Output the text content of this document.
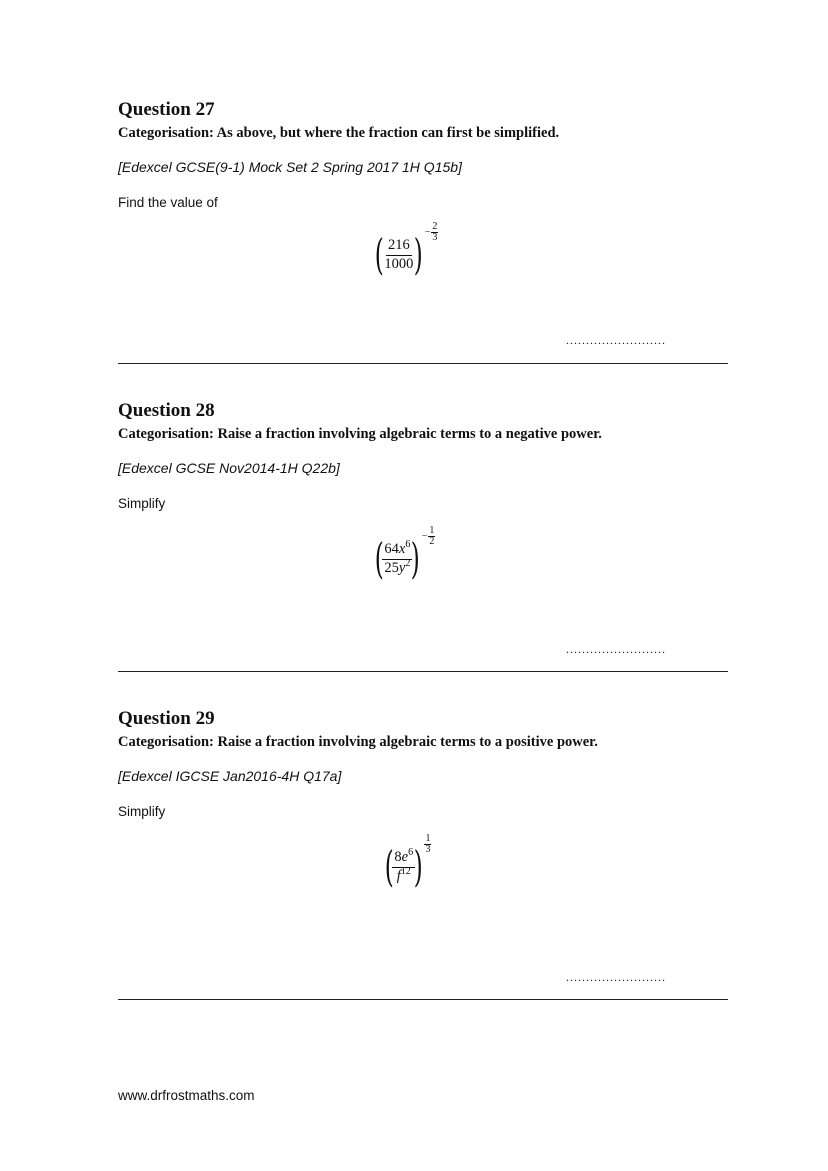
Question 27
Categorisation: As above, but where the fraction can first be simplified.
[Edexcel GCSE(9-1) Mock Set 2 Spring 2017 1H Q15b]
Find the value of
(
$\frac{216}{1000}$
) − $\frac{2}{3}$
.........................
Question 28
Categorisation: Raise a fraction involving algebraic terms to a negative power.
[Edexcel GCSE Nov2014-1H Q22b]
Simplify
(
$\frac{64x^6}{25y^2}$
) − $\frac{1}{2}$
.........................
Question 29
Categorisation: Raise a fraction involving algebraic terms to a positive power.
[Edexcel IGCSE Jan2016-4H Q17a]
Simplify
(
$\frac{8e^6}{f^{12}}$
) $\frac{1}{3}$
.........................
www.drfrostmaths.com
